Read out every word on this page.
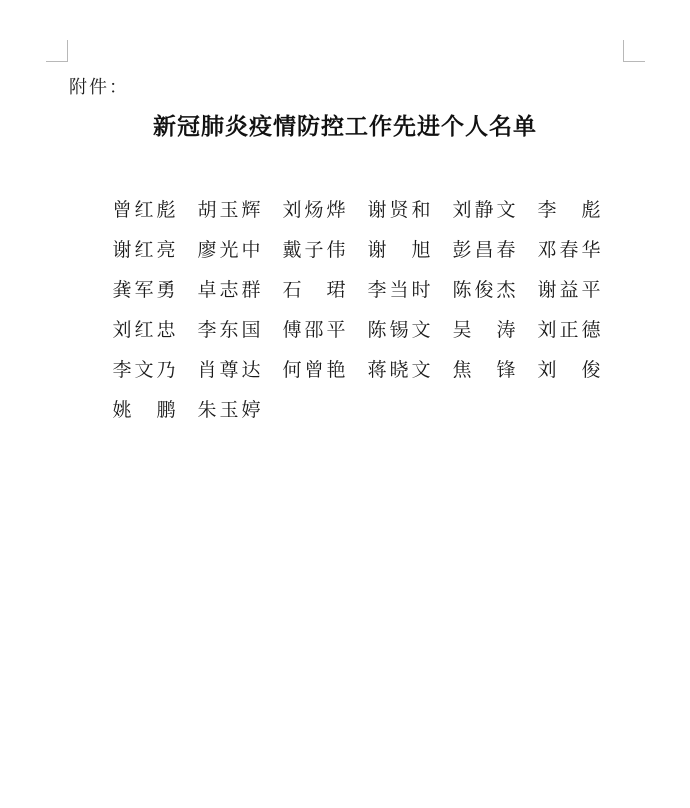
附件：
新冠肺炎疫情防控工作先进个人名单
曾 红 彪 胡 玉 辉 刘 炀 烨 谢 贤 和 刘 静 文 李 彪
谢 红 亮 廖 光 中 戴 子 伟 谢 旭 彭 昌 春 邓 春 华
龚 军 勇 卓 志 群 石 珺 李 当 时 陈 俊 杰 谢 益 平
刘 红 忠 李 东 国 傅 邵 平 陈 锡 文 吴 涛 刘 正 德
李 文 乃 肖 尊 达 何 曾 艳 蒋 晓 文 焦 锋 刘 俊
姚 鹏 朱 玉 婷
